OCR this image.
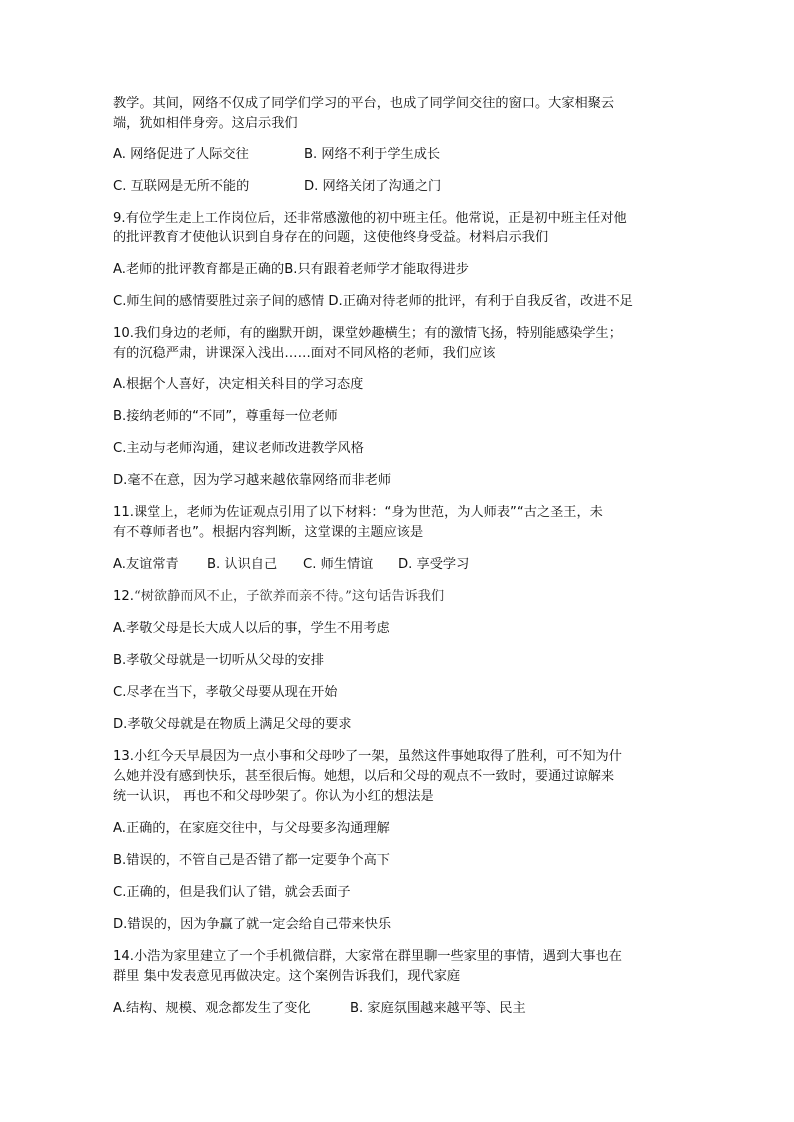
教学。其间，网络不仅成了同学们学习的平台，也成了同学间交往的窗口。大家相聚云

端，犹如相伴身旁。这启示我们

A. 网络促进了人际交往	B. 网络不利于学生成长
C. 互联网是无所不能的	D. 网络关闭了沟通之门

9.有位学生走上工作岗位后，还非常感激他的初中班主任。他常说，正是初中班主任对他

的批评教育才使他认识到自身存在的问题，这使他终身受益。材料启示我们

A.老师的批评教育都是正确的B.只有跟着老师学才能取得进步

C.师生间的感情要胜过亲子间的感情 D.正确对待老师的批评，有利于自我反省，改进不足

10.我们身边的老师，有的幽默开朗，课堂妙趣横生；有的激情飞扬，特别能感染学生；

有的沉稳严肃，讲课深入浅出……面对不同风格的老师，我们应该

A.根据个人喜好，决定相关科目的学习态度

B.接纳老师的“不同”，尊重每一位老师

C.主动与老师沟通，建议老师改进教学风格

D.毫不在意，因为学习越来越依靠网络而非老师

11.课堂上，老师为佐证观点引用了以下材料：“身为世范，为人师表”“古之圣王，未

有不尊师者也”。根据内容判断，这堂课的主题应该是

A.友谊常青 B. 认识自己 C. 师生情谊 D. 享受学习

12.“树欲静而风不止，子欲养而亲不待。”这句话告诉我们

A.孝敬父母是长大成人以后的事，学生不用考虑

B.孝敬父母就是一切听从父母的安排

C.尽孝在当下，孝敬父母要从现在开始

D.孝敬父母就是在物质上满足父母的要求

13.小红今天早晨因为一点小事和父母吵了一架，虽然这件事她取得了胜利，可不知为什

么她并没有感到快乐，甚至很后悔。她想，以后和父母的观点不一致时，要通过谅解来

统一认识， 再也不和父母吵架了。你认为小红的想法是

A.正确的，在家庭交往中，与父母要多沟通理解

B.错误的，不管自己是否错了都一定要争个高下

C.正确的，但是我们认了错，就会丢面子

D.错误的，因为争赢了就一定会给自己带来快乐

14.小浩为家里建立了一个手机微信群，大家常在群里聊一些家里的事情，遇到大事也在

群里 集中发表意见再做决定。这个案例告诉我们，现代家庭

A.结构、规模、观念都发生了变化	B. 家庭氛围越来越平等、民主
